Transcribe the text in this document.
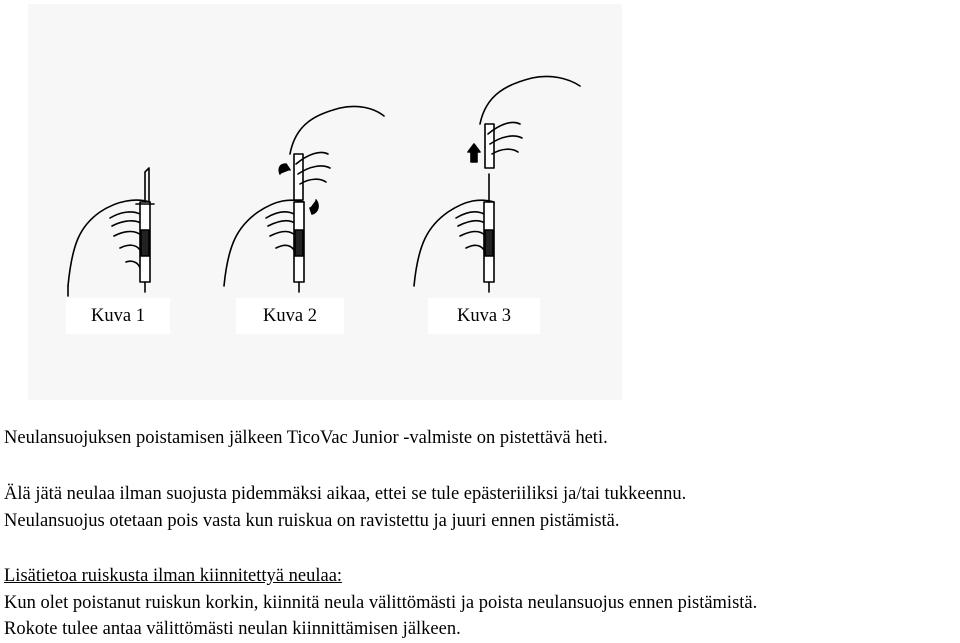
Kuva 1	Kuva 2	Kuva 3
Neulansuojuksen poistamisen jälkeen TicoVac Junior -valmiste on pistettävä heti.
Älä jätä neulaa ilman suojusta pidemmäksi aikaa, ettei se tule epästeriiliksi ja/tai tukkeennu.
Neulansuojus otetaan pois vasta kun ruiskua on ravistettu ja juuri ennen pistämistä.
Lisätietoa ruiskusta ilman kiinnitettyä neulaa:
Kun olet poistanut ruiskun korkin, kiinnitä neula välittömästi ja poista neulansuojus ennen pistämistä.
Rokote tulee antaa välittömästi neulan kiinnittämisen jälkeen.
